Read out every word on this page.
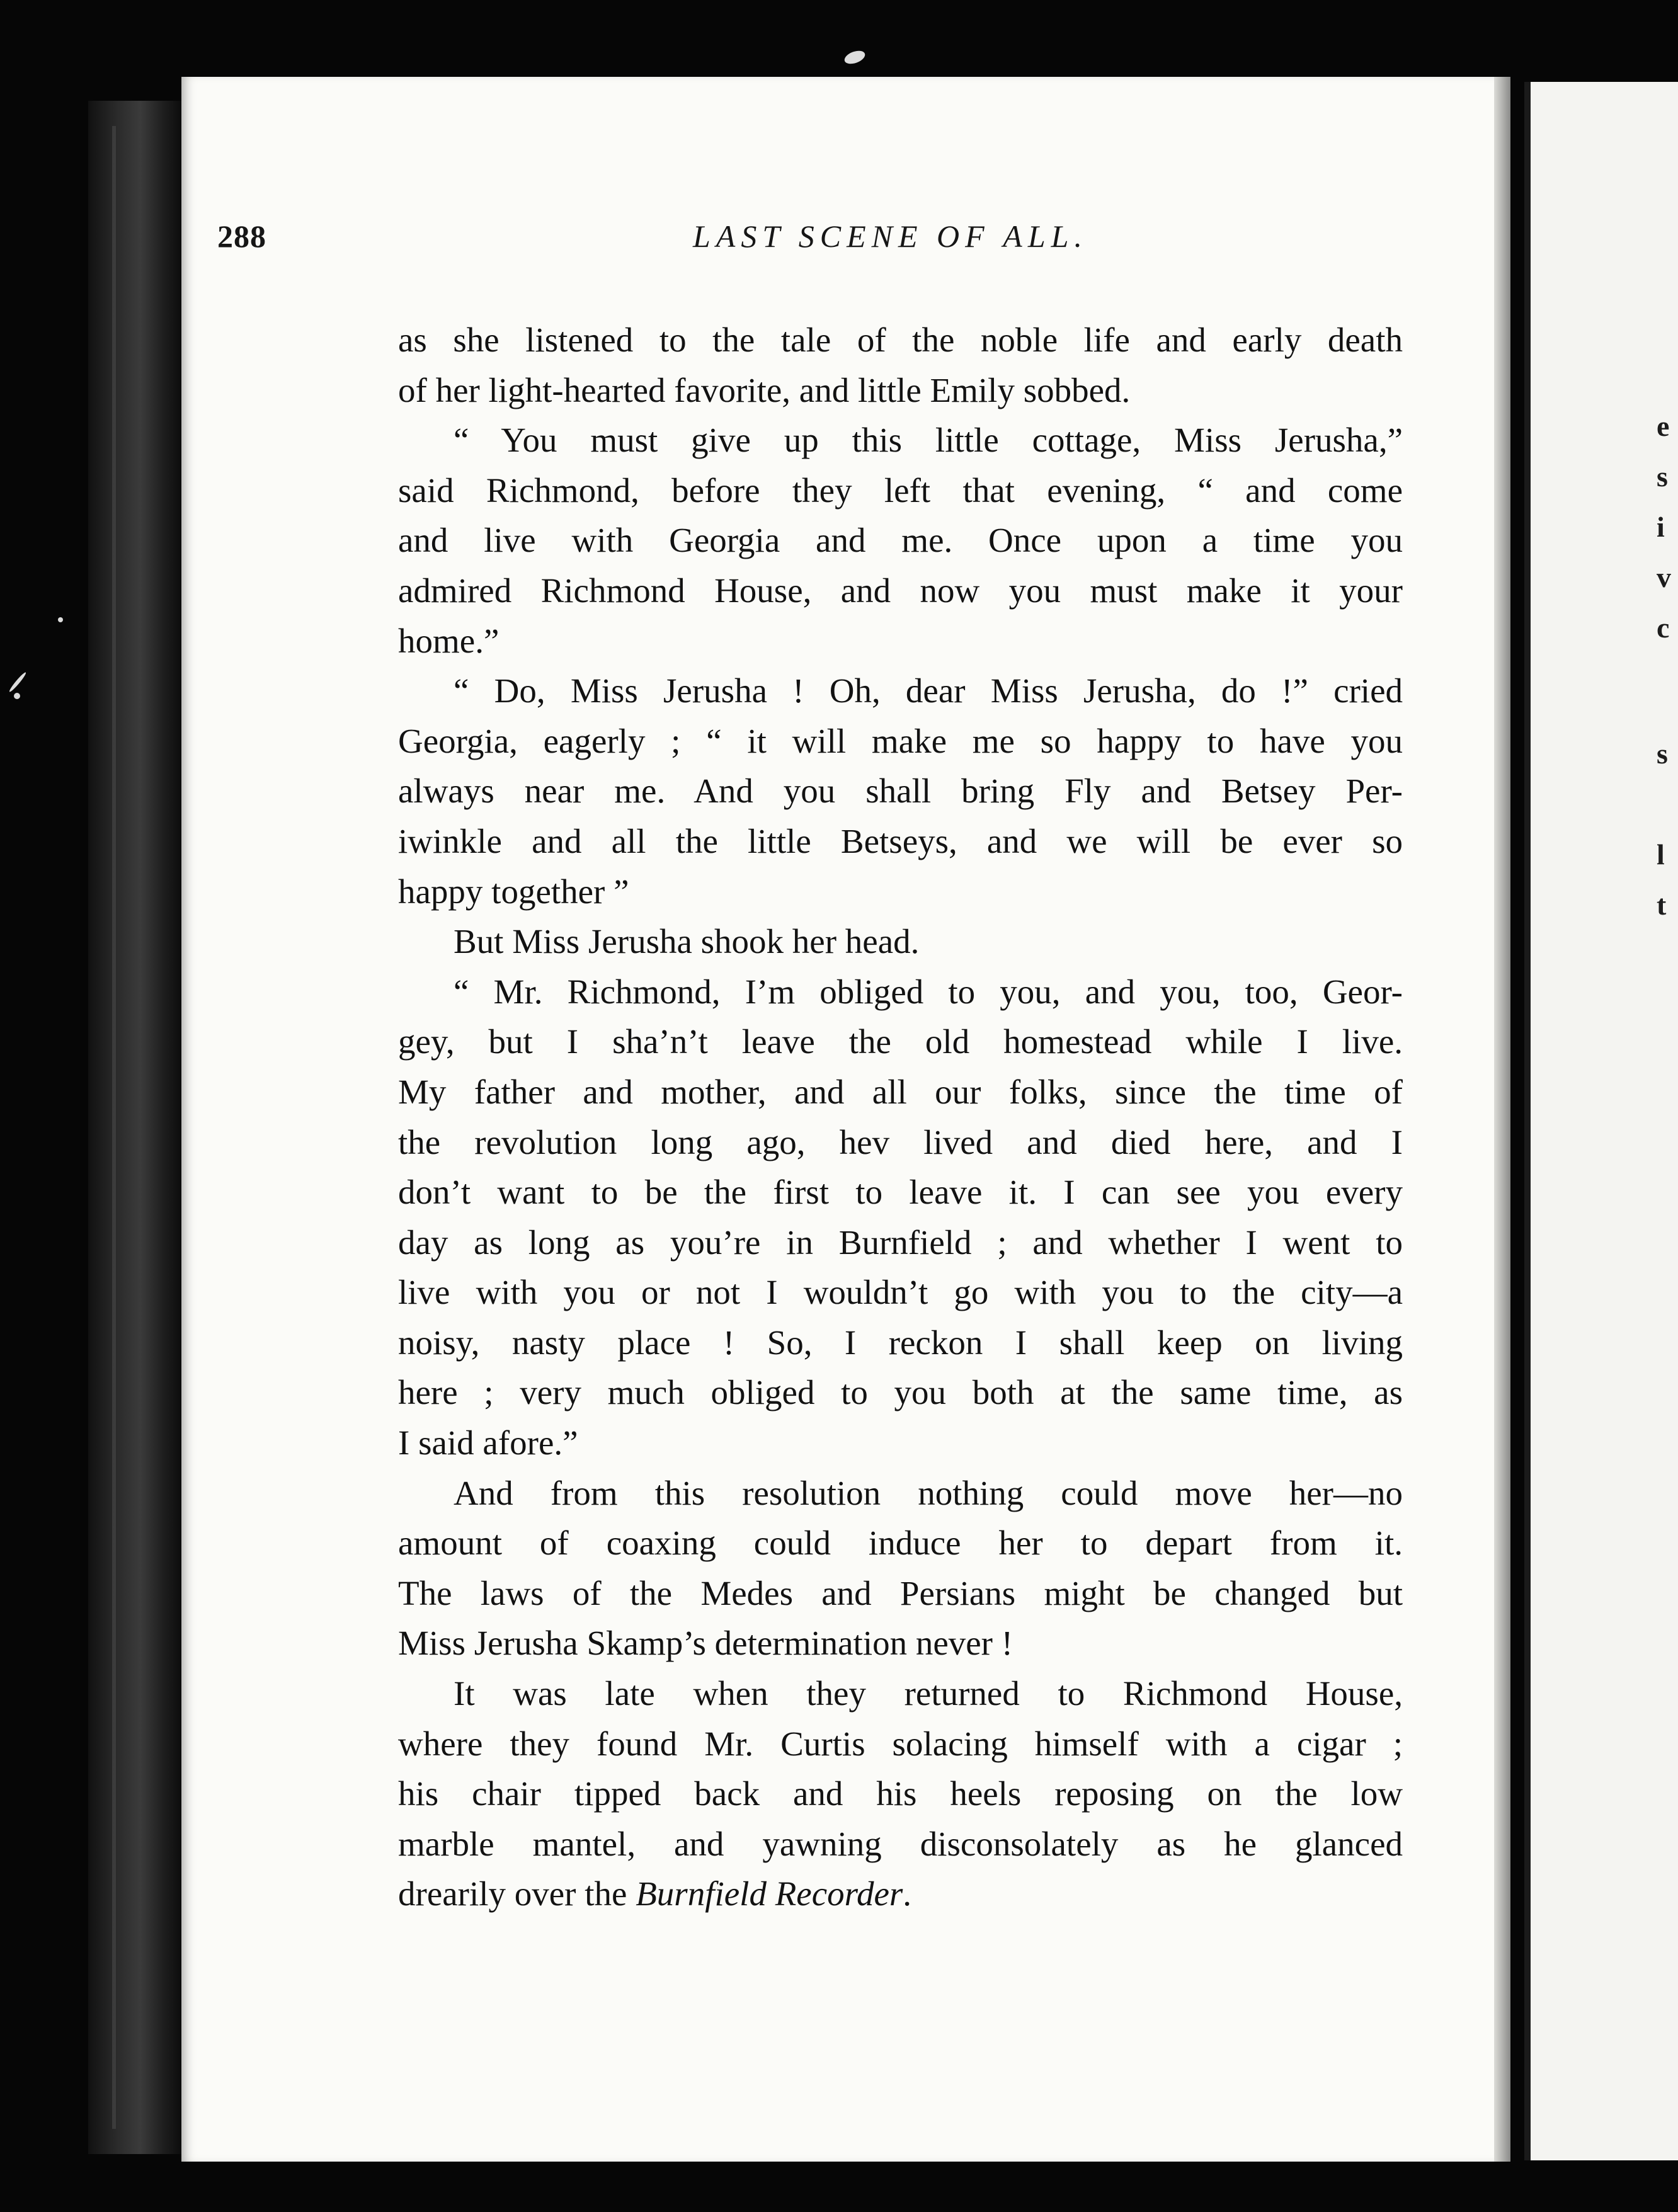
e
s
i
v
c
s
l
t
288	LAST SCENE OF ALL.
as she listened to the tale of the noble life and early death
of her light-hearted favorite, and little Emily sobbed.
“ You must give up this little cottage, Miss Jerusha,”
said Richmond, before they left that evening, “ and come
and live with Georgia and me. Once upon a time you
admired Richmond House, and now you must make it your
home.”
“ Do, Miss Jerusha ! Oh, dear Miss Jerusha, do !” cried
Georgia, eagerly ; “ it will make me so happy to have you
always near me. And you shall bring Fly and Betsey Per-
iwinkle and all the little Betseys, and we will be ever so
happy together ”
But Miss Jerusha shook her head.
“ Mr. Richmond, I’m obliged to you, and you, too, Geor-
gey, but I sha’n’t leave the old homestead while I live.
My father and mother, and all our folks, since the time of
the revolution long ago, hev lived and died here, and I
don’t want to be the first to leave it. I can see you every
day as long as you’re in Burnfield ; and whether I went to
live with you or not I wouldn’t go with you to the city—a
noisy, nasty place ! So, I reckon I shall keep on living
here ; very much obliged to you both at the same time, as
I said afore.”
And from this resolution nothing could move her—no
amount of coaxing could induce her to depart from it.
The laws of the Medes and Persians might be changed but
Miss Jerusha Skamp’s determination never !
It was late when they returned to Richmond House,
where they found Mr. Curtis solacing himself with a cigar ;
his chair tipped back and his heels reposing on the low
marble mantel, and yawning disconsolately as he glanced
drearily over the Burnfield Recorder.
